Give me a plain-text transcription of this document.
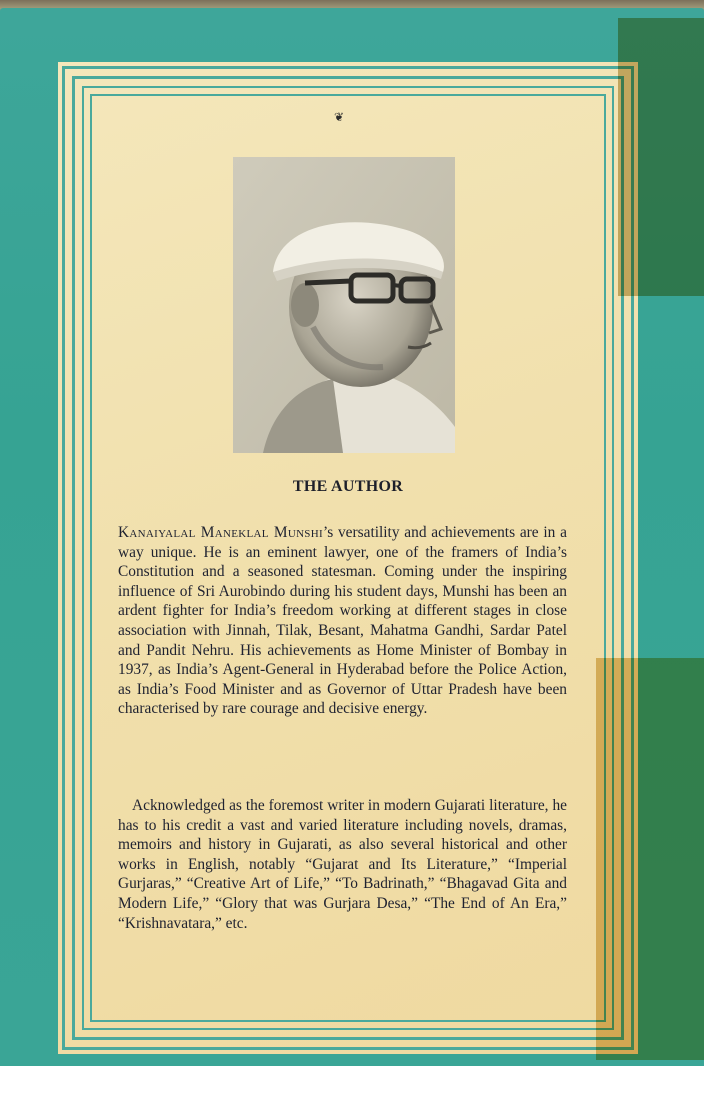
❦
THE AUTHOR
Kanaiyalal Maneklal Munshi’s versatility and achievements are in a way unique. He is an eminent lawyer, one of the framers of India’s Constitution and a seasoned statesman. Coming under the inspiring influence of Sri Aurobindo during his student days, Munshi has been an ardent fighter for India’s freedom working at different stages in close association with Jinnah, Tilak, Besant, Mahatma Gandhi, Sardar Patel and Pandit Nehru. His achievements as Home Minister of Bombay in 1937, as India’s Agent-General in Hyderabad before the Police Action, as India’s Food Minister and as Governor of Uttar Pradesh have been characterised by rare courage and decisive energy.
Acknowledged as the foremost writer in modern Gujarati literature, he has to his credit a vast and varied literature including novels, dramas, memoirs and history in Gujarati, as also several historical and other works in English, notably “Gujarat and Its Literature,” “Imperial Gurjaras,” “Creative Art of Life,” “To Badrinath,” “Bhagavad Gita and Modern Life,” “Glory that was Gurjara Desa,” “The End of An Era,” “Krishnavatara,” etc.
